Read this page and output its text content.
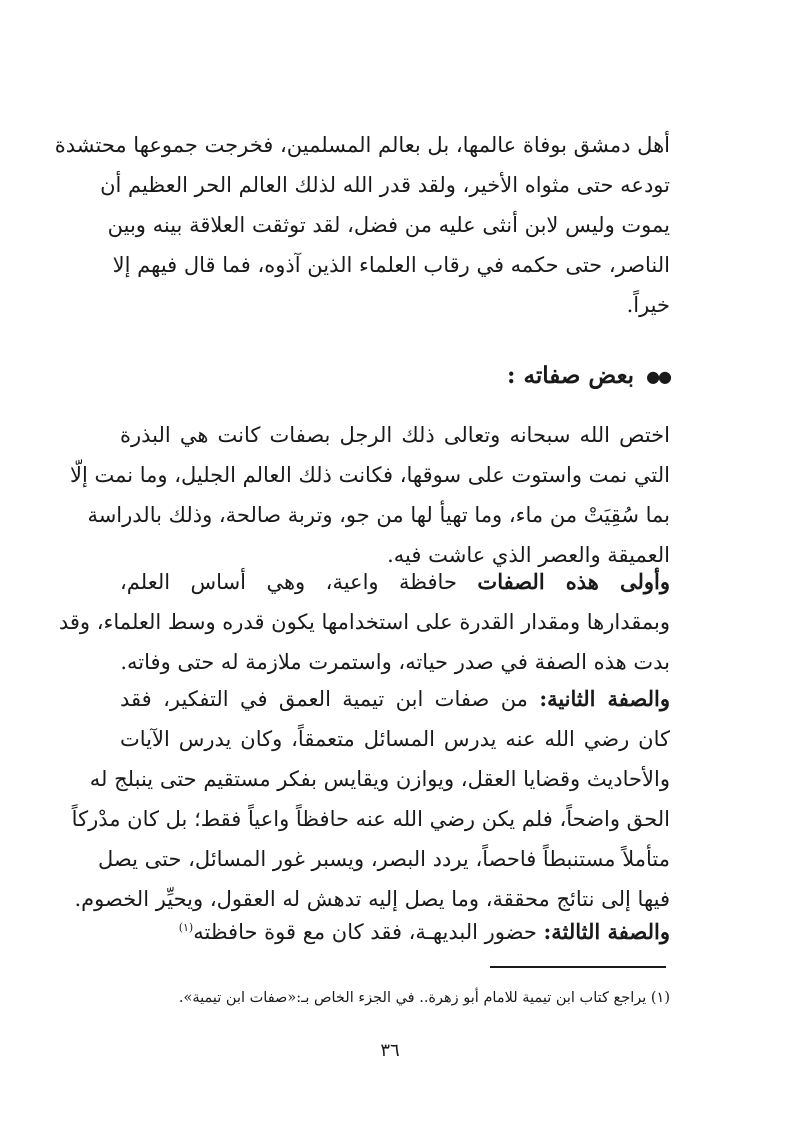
أهل دمشق بوفاة عالمها، بل بعالم المسلمين، فخرجت جموعها محتشدة
تودعه حتى مثواه الأخير، ولقد قدر الله لذلك العالم الحر العظيم أن
يموت وليس لابن أنثى عليه من فضل، لقد توثقت العلاقة بينه وبين
الناصر، حتى حكمه في رقاب العلماء الذين آذوه، فما قال فيهم إلا
خيراً.
●●بعض صفاته :
اختص الله سبحانه وتعالى ذلك الرجل بصفات كانت هي البذرة
التي نمت واستوت على سوقها، فكانت ذلك العالم الجليل، وما نمت إلّا
بما سُقِيَتْ من ماء، وما تهيأ لها من جو، وتربة صالحة، وذلك بالدراسة
العميقة والعصر الذي عاشت فيه.
وأولى هذه الصفات حافظة واعية، وهي أساس العلم،
وبمقدارها ومقدار القدرة على استخدامها يكون قدره وسط العلماء، وقد
بدت هذه الصفة في صدر حياته، واستمرت ملازمة له حتى وفاته.
والصفة الثانية: من صفات ابن تيمية العمق في التفكير، فقد
كان رضي الله عنه يدرس المسائل متعمقاً، وكان يدرس الآيات
والأحاديث وقضايا العقل، ويوازن ويقايس بفكر مستقيم حتى ينبلج له
الحق واضحاً، فلم يكن رضي الله عنه حافظاً واعياً فقط؛ بل كان مدْركاً
متأملاً مستنبطاً فاحصاً، يردد البصر، ويسبر غور المسائل، حتى يصل
فيها إلى نتائج محققة، وما يصل إليه تدهش له العقول، ويحيِّر الخصوم.
والصفة الثالثة: حضور البديهـة، فقد كان مع قوة حافظته$^{(١)}$
(١) يراجع كتاب ابن تيمية للامام أبو زهرة.. في الجزء الخاص بـ:«صفات ابن تيمية».
٣٦
